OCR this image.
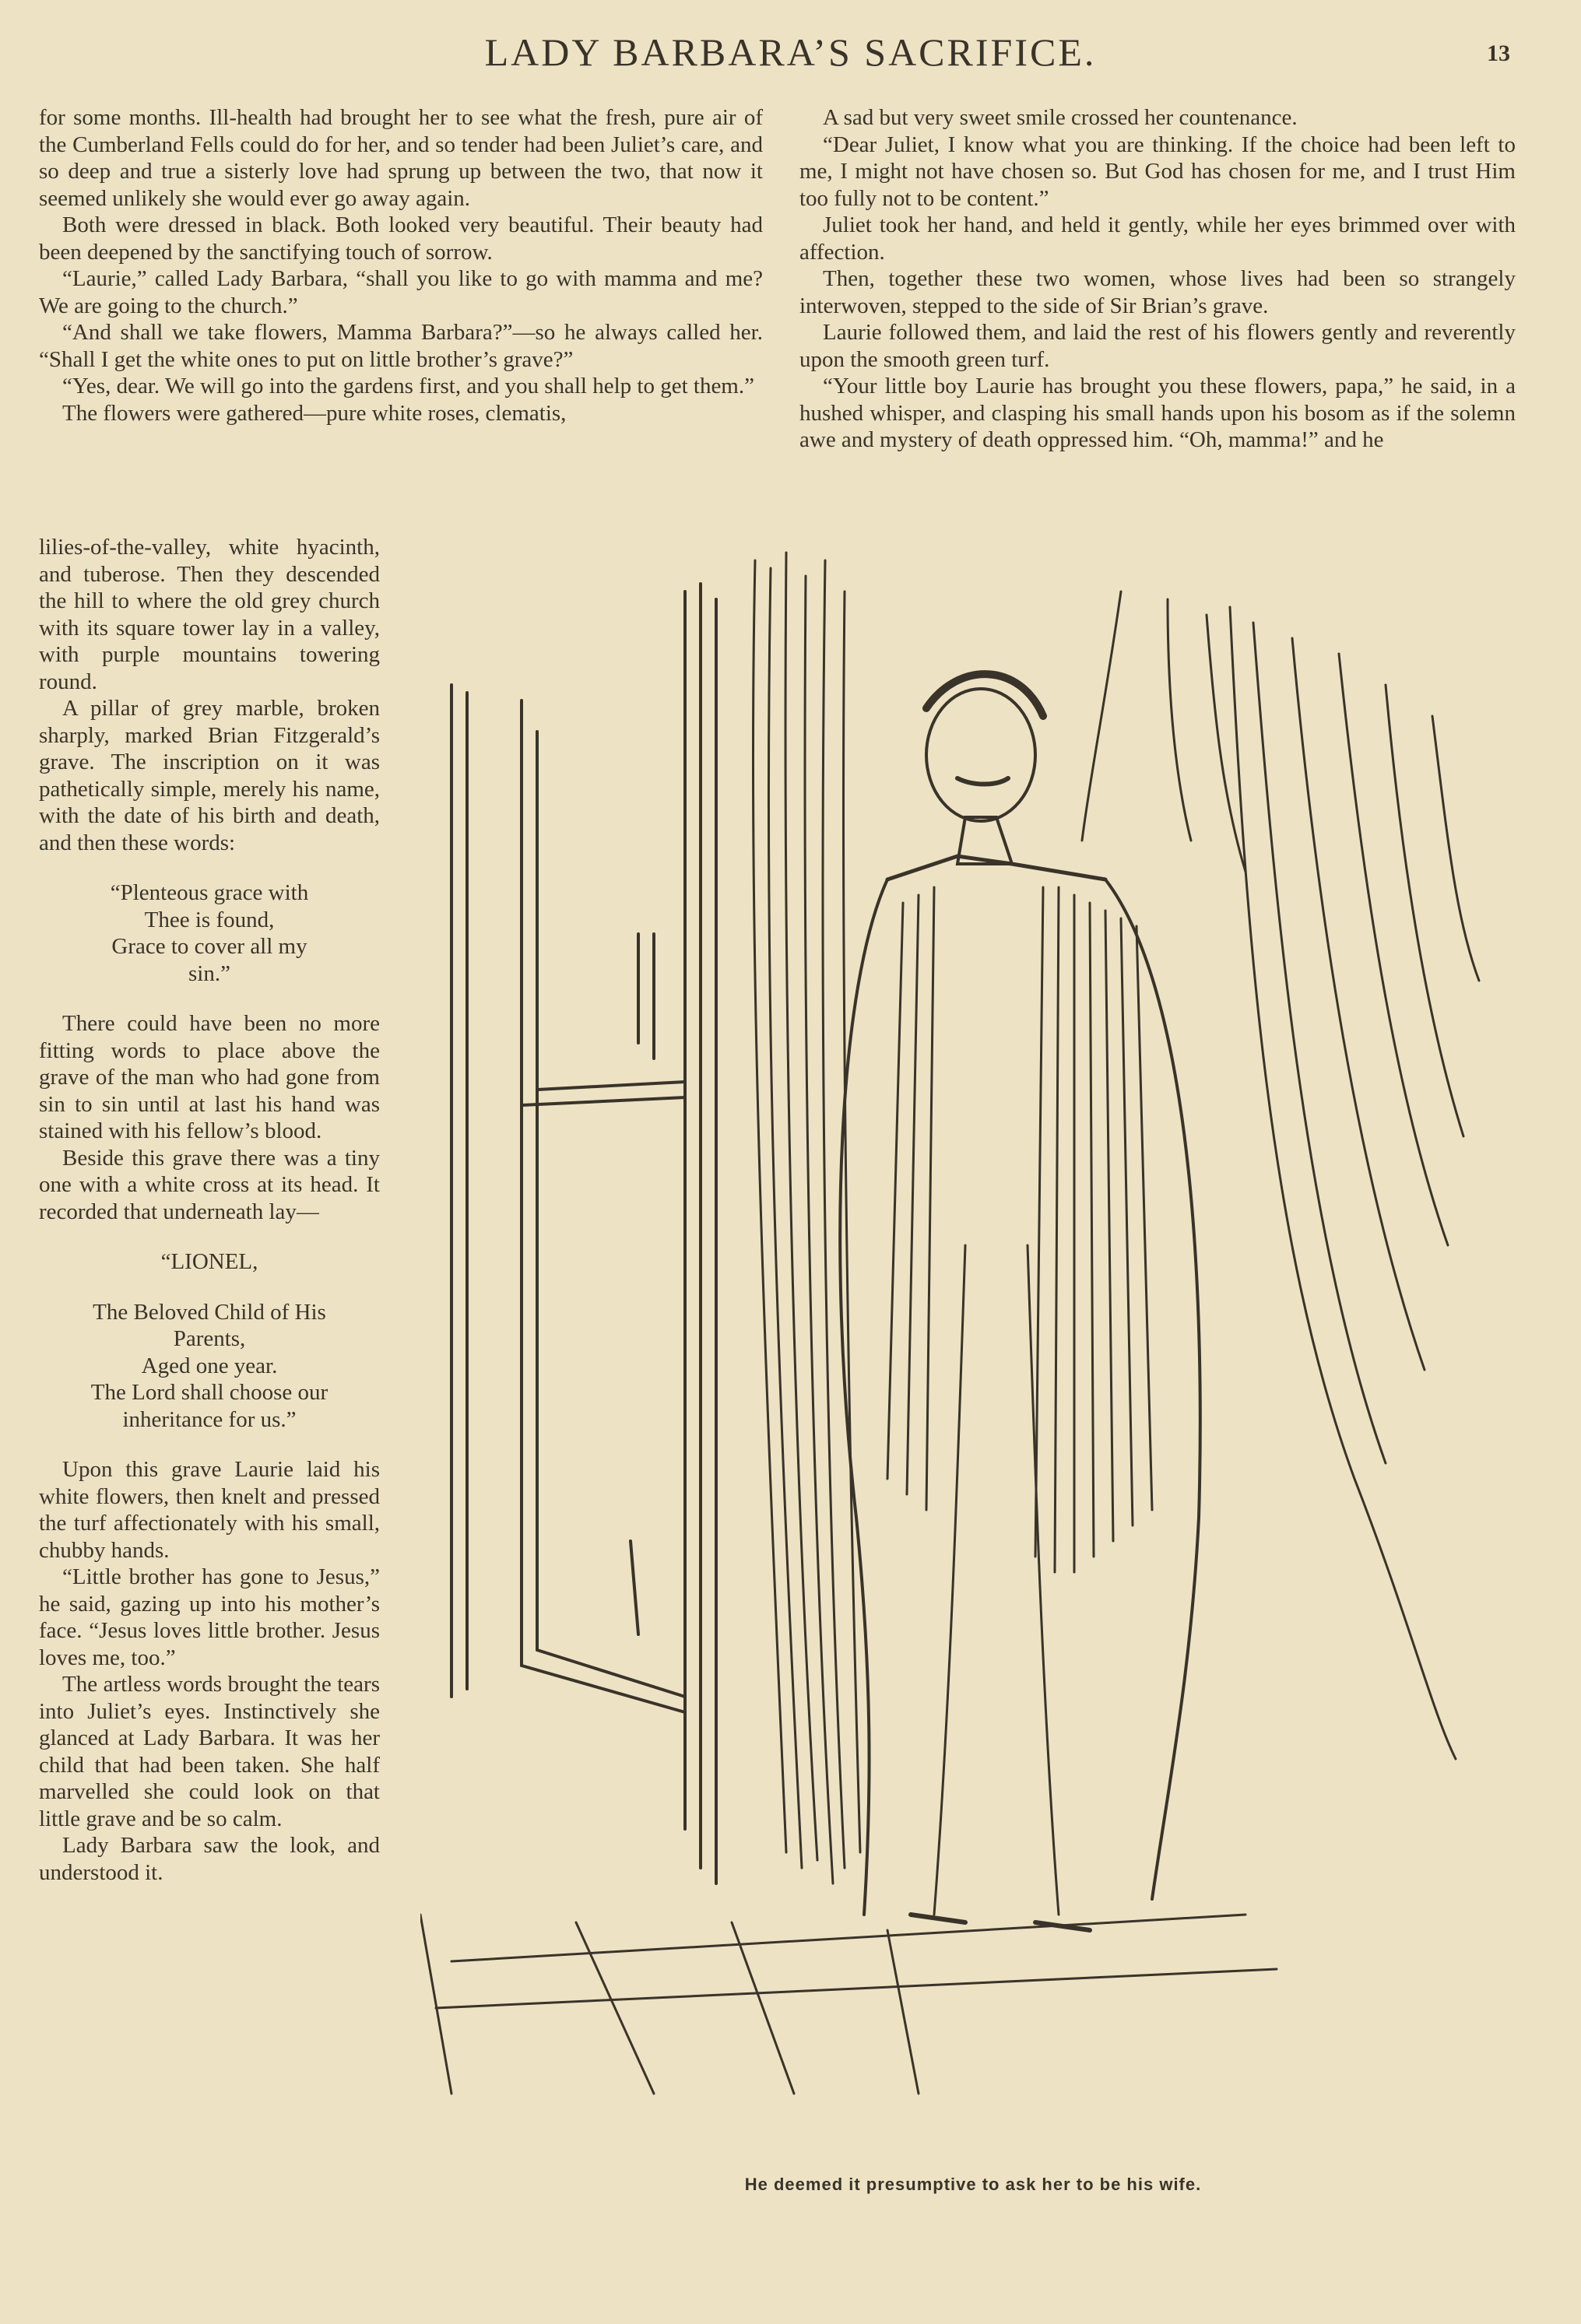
LADY BARBARA’S SACRIFICE.	13

for some months. Ill-health had brought her to see what the fresh, pure air of the Cumberland Fells could do for her, and so tender had been Juliet’s care, and so deep and true a sisterly love had sprung up between the two, that now it seemed unlikely she would ever go away again.

Both were dressed in black. Both looked very beautiful. Their beauty had been deepened by the sanctifying touch of sorrow.

“Laurie,” called Lady Barbara, “shall you like to go with mamma and me? We are going to the church.”

“And shall we take flowers, Mamma Barbara?”—so he always called her. “Shall I get the white ones to put on little brother’s grave?”

“Yes, dear. We will go into the gardens first, and you shall help to get them.”

The flowers were gathered—pure white roses, clematis,

lilies-of-the-valley, white hyacinth, and tuberose. Then they descended the hill to where the old grey church with its square tower lay in a valley, with purple mountains towering round.

A pillar of grey marble, broken sharply, marked Brian Fitzgerald’s grave. The inscription on it was pathetically simple, merely his name, with the date of his birth and death, and then these words:

“Plenteous grace with
Thee is found,
Grace to cover all my
sin.”

There could have been no more fitting words to place above the grave of the man who had gone from sin to sin until at last his hand was stained with his fellow’s blood.

Beside this grave there was a tiny one with a white cross at its head. It recorded that underneath lay—

“LIONEL,
The Beloved Child of His
Parents,
Aged one year.
The Lord shall choose our
inheritance for us.”

Upon this grave Laurie laid his white flowers, then knelt and pressed the turf affectionately with his small, chubby hands.

“Little brother has gone to Jesus,” he said, gazing up into his mother’s face. “Jesus loves little brother. Jesus loves me, too.”

The artless words brought the tears into Juliet’s eyes. Instinctively she glanced at Lady Barbara. It was her child that had been taken. She half marvelled she could look on that little grave and be so calm.

Lady Barbara saw the look, and understood it.

A sad but very sweet smile crossed her countenance.

“Dear Juliet, I know what you are thinking. If the choice had been left to me, I might not have chosen so. But God has chosen for me, and I trust Him too fully not to be content.”

Juliet took her hand, and held it gently, while her eyes brimmed over with affection.

Then, together these two women, whose lives had been so strangely interwoven, stepped to the side of Sir Brian’s grave.

Laurie followed them, and laid the rest of his flowers gently and reverently upon the smooth green turf.

“Your little boy Laurie has brought you these flowers, papa,” he said, in a hushed whisper, and clasping his small hands upon his bosom as if the solemn awe and mystery of death oppressed him. “Oh, mamma!” and he

He deemed it presumptive to ask her to be his wife.
